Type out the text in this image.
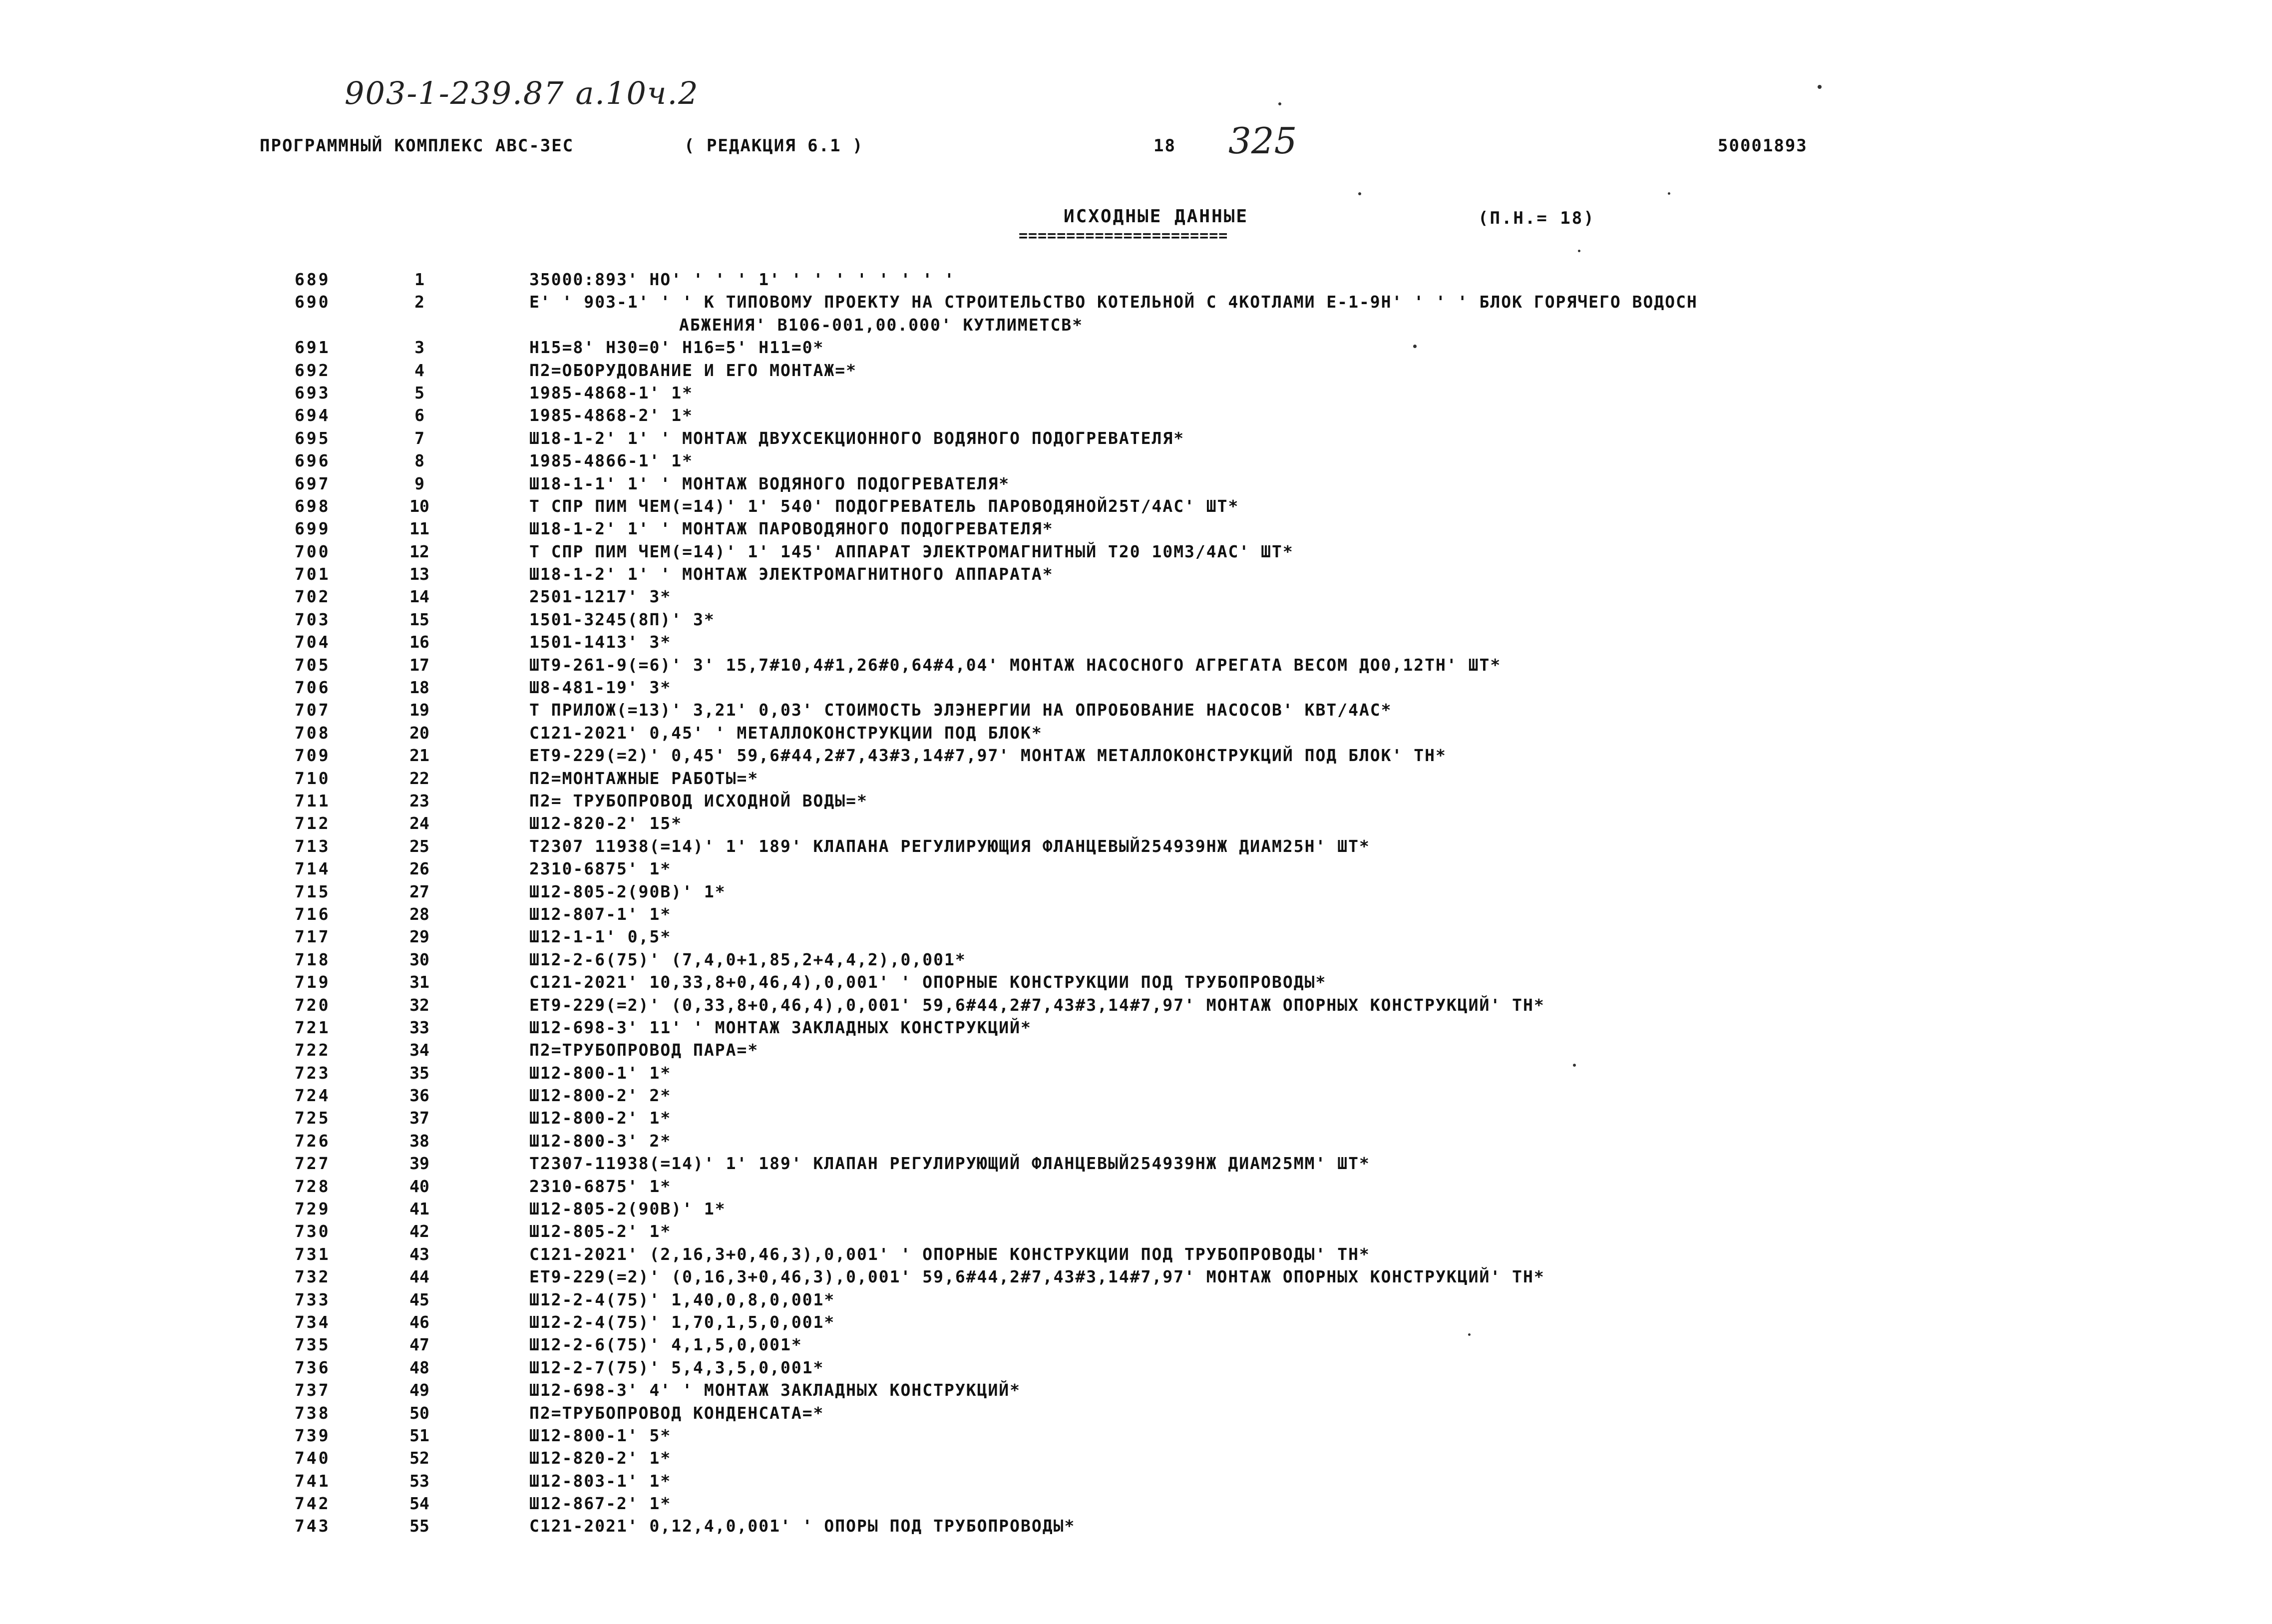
903-1-239.87 а.10ч.2
325
ПРОГРАММНЫЙ КОМПЛЕКС АВС-ЗЕС	( РЕДАКЦИЯ 6.1 )	18	50001893
ИСХОДНЫЕ ДАННЫЕ
======================
(П.Н.= 18)
689	1	35000:893' НО' ' ' ' 1' ' ' ' ' ' ' ' '
690	2	Е' ' 903-1' ' ' К ТИПОВОМУ ПРОЕКТУ НА СТРОИТЕЛЬСТВО КОТЕЛЬНОЙ С 4КОТЛАМИ Е-1-9Н' ' ' ' БЛОК ГОРЯЧЕГО ВОДОСН
АБЖЕНИЯ' В106-001,00.000' КУТЛИМЕТСВ*
691	3	Н15=8' Н30=0' Н16=5' Н11=0*
692	4	П2=ОБОРУДОВАНИЕ И ЕГО МОНТАЖ=*
693	5	1985-4868-1' 1*
694	6	1985-4868-2' 1*
695	7	Ш18-1-2' 1' ' МОНТАЖ ДВУХСЕКЦИОННОГО ВОДЯНОГО ПОДОГРЕВАТЕЛЯ*
696	8	1985-4866-1' 1*
697	9	Ш18-1-1' 1' ' МОНТАЖ ВОДЯНОГО ПОДОГРЕВАТЕЛЯ*
698	10	Т СПР ПИМ ЧЕМ(=14)' 1' 540' ПОДОГРЕВАТЕЛЬ ПАРОВОДЯНОЙ25Т/4АС' ШТ*
699	11	Ш18-1-2' 1' ' МОНТАЖ ПАРОВОДЯНОГО ПОДОГРЕВАТЕЛЯ*
700	12	Т СПР ПИМ ЧЕМ(=14)' 1' 145' АППАРАТ ЭЛЕКТРОМАГНИТНЫЙ Т20 10М3/4АС' ШТ*
701	13	Ш18-1-2' 1' ' МОНТАЖ ЭЛЕКТРОМАГНИТНОГО АППАРАТА*
702	14	2501-1217' 3*
703	15	1501-3245(8П)' 3*
704	16	1501-1413' 3*
705	17	ШТ9-261-9(=6)' 3' 15,7#10,4#1,26#0,64#4,04' МОНТАЖ НАСОСНОГО АГРЕГАТА ВЕСОМ ДО0,12ТН' ШТ*
706	18	Ш8-481-19' 3*
707	19	Т ПРИЛОЖ(=13)' 3,21' 0,03' СТОИМОСТЬ ЭЛЭНЕРГИИ НА ОПРОБОВАНИЕ НАСОСОВ' КВТ/4АС*
708	20	С121-2021' 0,45' ' МЕТАЛЛОКОНСТРУКЦИИ ПОД БЛОК*
709	21	ЕТ9-229(=2)' 0,45' 59,6#44,2#7,43#3,14#7,97' МОНТАЖ МЕТАЛЛОКОНСТРУКЦИЙ ПОД БЛОК' ТН*
710	22	П2=МОНТАЖНЫЕ РАБОТЫ=*
711	23	П2= ТРУБОПРОВОД ИСХОДНОЙ ВОДЫ=*
712	24	Ш12-820-2' 15*
713	25	Т2307 11938(=14)' 1' 189' КЛАПАНА РЕГУЛИРУЮЩИЯ ФЛАНЦЕВЫЙ254939НЖ ДИАМ25Н' ШТ*
714	26	2310-6875' 1*
715	27	Ш12-805-2(90В)' 1*
716	28	Ш12-807-1' 1*
717	29	Ш12-1-1' 0,5*
718	30	Ш12-2-6(75)' (7,4,0+1,85,2+4,4,2),0,001*
719	31	С121-2021' 10,33,8+0,46,4),0,001' ' ОПОРНЫЕ КОНСТРУКЦИИ ПОД ТРУБОПРОВОДЫ*
720	32	ЕТ9-229(=2)' (0,33,8+0,46,4),0,001' 59,6#44,2#7,43#3,14#7,97' МОНТАЖ ОПОРНЫХ КОНСТРУКЦИЙ' ТН*
721	33	Ш12-698-3' 11' ' МОНТАЖ ЗАКЛАДНЫХ КОНСТРУКЦИЙ*
722	34	П2=ТРУБОПРОВОД ПАРА=*
723	35	Ш12-800-1' 1*
724	36	Ш12-800-2' 2*
725	37	Ш12-800-2' 1*
726	38	Ш12-800-3' 2*
727	39	Т2307-11938(=14)' 1' 189' КЛАПАН РЕГУЛИРУЮЩИЙ ФЛАНЦЕВЫЙ254939НЖ ДИАМ25ММ' ШТ*
728	40	2310-6875' 1*
729	41	Ш12-805-2(90В)' 1*
730	42	Ш12-805-2' 1*
731	43	С121-2021' (2,16,3+0,46,3),0,001' ' ОПОРНЫЕ КОНСТРУКЦИИ ПОД ТРУБОПРОВОДЫ' ТН*
732	44	ЕТ9-229(=2)' (0,16,3+0,46,3),0,001' 59,6#44,2#7,43#3,14#7,97' МОНТАЖ ОПОРНЫХ КОНСТРУКЦИЙ' ТН*
733	45	Ш12-2-4(75)' 1,40,0,8,0,001*
734	46	Ш12-2-4(75)' 1,70,1,5,0,001*
735	47	Ш12-2-6(75)' 4,1,5,0,001*
736	48	Ш12-2-7(75)' 5,4,3,5,0,001*
737	49	Ш12-698-3' 4' ' МОНТАЖ ЗАКЛАДНЫХ КОНСТРУКЦИЙ*
738	50	П2=ТРУБОПРОВОД КОНДЕНСАТА=*
739	51	Ш12-800-1' 5*
740	52	Ш12-820-2' 1*
741	53	Ш12-803-1' 1*
742	54	Ш12-867-2' 1*
743	55	С121-2021' 0,12,4,0,001' ' ОПОРЫ ПОД ТРУБОПРОВОДЫ*
